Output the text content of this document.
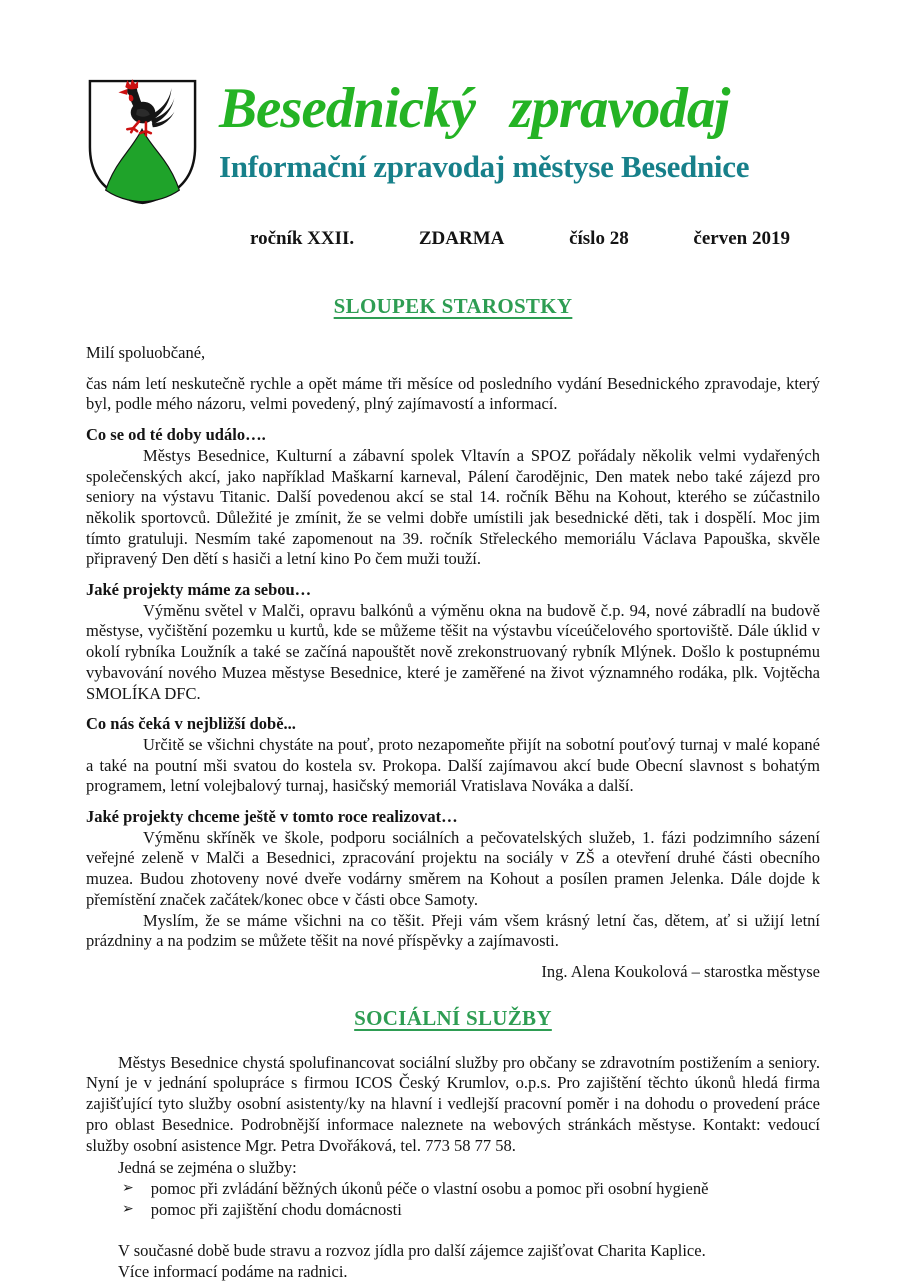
Besednický zpravodaj
Informační zpravodaj městyse Besednice
ročník XXII.	ZDARMA	číslo 28	červen 2019
SLOUPEK STAROSTKY

Milí spoluobčané,

čas nám letí neskutečně rychle a opět máme tři měsíce od posledního vydání Besednického zpravodaje, který byl, podle mého názoru, velmi povedený, plný zajímavostí a informací.

Co se od té doby událo….

Městys Besednice, Kulturní a zábavní spolek Vltavín a SPOZ pořádaly několik velmi vydařených společenských akcí, jako například Maškarní karneval, Pálení čarodějnic, Den matek nebo také zájezd pro seniory na výstavu Titanic. Další povedenou akcí se stal 14. ročník Běhu na Kohout, kterého se zúčastnilo několik sportovců. Důležité je zmínit, že se velmi dobře umístili jak besednické děti, tak i dospělí. Moc jim tímto gratuluji. Nesmím také zapomenout na 39. ročník Střeleckého memoriálu Václava Papouška, skvěle připravený Den dětí s hasiči a letní kino Po čem muži touží.

Jaké projekty máme za sebou…

Výměnu světel v Malči, opravu balkónů a výměnu okna na budově č.p. 94, nové zábradlí na budově městyse, vyčištění pozemku u kurtů, kde se můžeme těšit na výstavbu víceúčelového sportoviště. Dále úklid v okolí rybníka Loužník a také se začíná napouštět nově zrekonstruovaný rybník Mlýnek. Došlo k postupnému vybavování nového Muzea městyse Besednice, které je zaměřené na život významného rodáka, plk. Vojtěcha SMOLÍKA DFC.

Co nás čeká v nejbližší době...

Určitě se všichni chystáte na pouť, proto nezapomeňte přijít na sobotní pouťový turnaj v malé kopané a také na poutní mši svatou do kostela sv. Prokopa. Další zajímavou akcí bude Obecní slavnost s bohatým programem, letní volejbalový turnaj, hasičský memoriál Vratislava Nováka a další.

Jaké projekty chceme ještě v tomto roce realizovat…

Výměnu skříněk ve škole, podporu sociálních a pečovatelských služeb, 1. fázi podzimního sázení veřejné zeleně v Malči a Besednici, zpracování projektu na sociály v ZŠ a otevření druhé části obecního muzea. Budou zhotoveny nové dveře vodárny směrem na Kohout a posílen pramen Jelenka. Dále dojde k přemístění značek začátek/konec obce v části obce Samoty.

Myslím, že se máme všichni na co těšit. Přeji vám všem krásný letní čas, dětem, ať si užijí letní prázdniny a na podzim se můžete těšit na nové příspěvky a zajímavosti.

Ing. Alena Koukolová – starostka městyse

SOCIÁLNÍ SLUŽBY

Městys Besednice chystá spolufinancovat sociální služby pro občany se zdravotním postižením a seniory. Nyní je v jednání spolupráce s firmou ICOS Český Krumlov, o.p.s. Pro zajištění těchto úkonů hledá firma zajišťující tyto služby osobní asistenty/ky na hlavní i vedlejší pracovní poměr i na dohodu o provedení práce pro oblast Besednice. Podrobnější informace naleznete na webových stránkách městyse. Kontakt: vedoucí služby osobní asistence Mgr. Petra Dvořáková, tel. 773 58 77 58.

Jedná se zejména o služby:

➢ pomoc při zvládání běžných úkonů péče o vlastní osobu a pomoc při osobní hygieně
➢ pomoc při zajištění chodu domácnosti

V současné době bude stravu a rozvoz jídla pro další zájemce zajišťovat Charita Kaplice.

Více informací podáme na radnici.
